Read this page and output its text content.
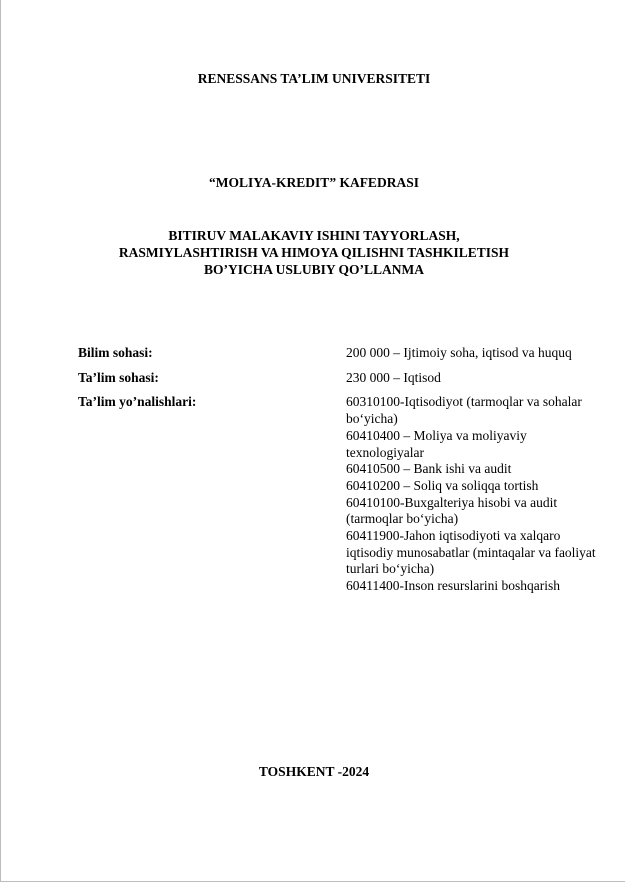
RENESSANS TA’LIM UNIVERSITETI
“MOLIYA-KREDIT” KAFEDRASI
BITIRUV MALAKAVIY ISHINI TAYYORLASH,
RASMIYLASHTIRISH VA HIMOYA QILISHNI TASHKILETISH
BO’YICHA USLUBIY QO’LLANMA
Bilim sohasi:	200 000 – Ijtimoiy soha, iqtisod va huquq
Ta’lim sohasi:	230 000 – Iqtisod
Ta’lim yo’nalishlari:	60310100-Iqtisodiyot (tarmoqlar va sohalar bo‘yicha)
60410400 – Moliya va moliyaviy texnologiyalar
60410500 – Bank ishi va audit
60410200 – Soliq va soliqqa tortish
60410100-Buxgalteriya hisobi va audit (tarmoqlar bo‘yicha)
60411900-Jahon iqtisodiyoti va xalqaro iqtisodiy munosabatlar (mintaqalar va faoliyat turlari bo‘yicha)
60411400-Inson resurslarini boshqarish
TOSHKENT -2024
